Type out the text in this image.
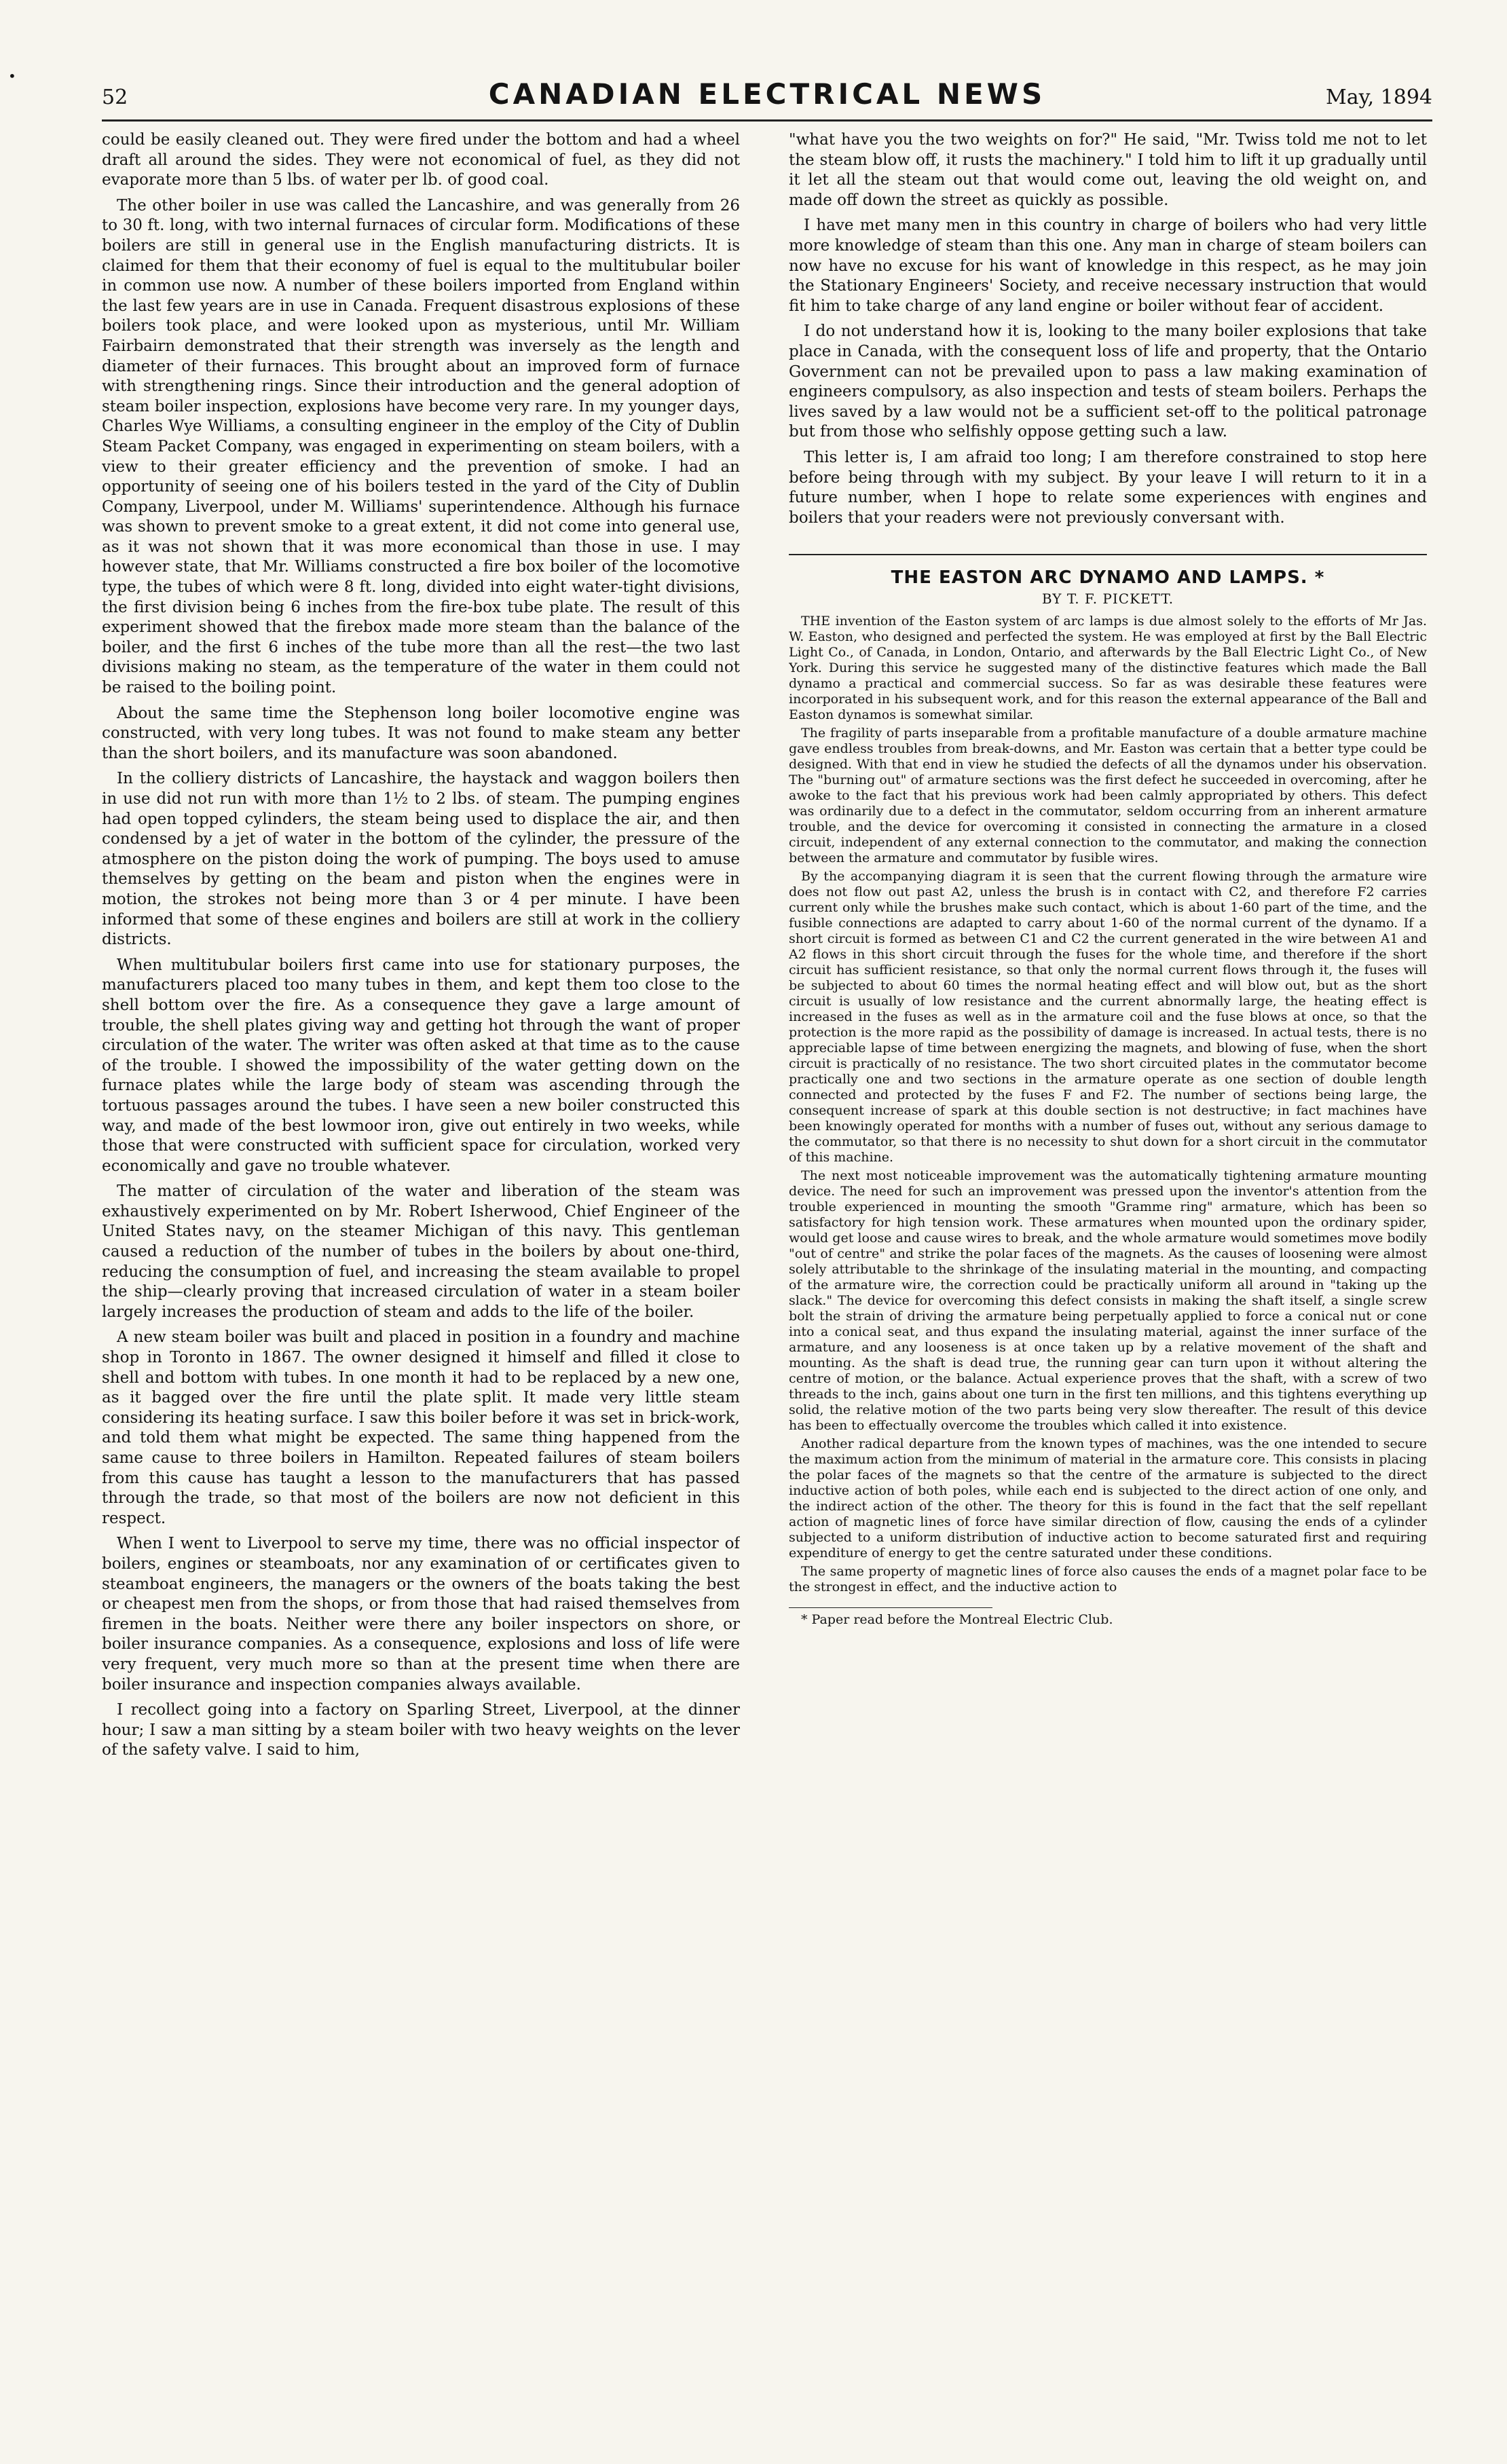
•
52	CANADIAN ELECTRICAL NEWS	May, 1894

could be easily cleaned out. They were fired under the bottom and had a wheel draft all around the sides. They were not economical of fuel, as they did not evaporate more than 5 lbs. of water per lb. of good coal.

The other boiler in use was called the Lancashire, and was generally from 26 to 30 ft. long, with two internal furnaces of circular form. Modifications of these boilers are still in general use in the English manufacturing districts. It is claimed for them that their economy of fuel is equal to the multitubular boiler in common use now. A number of these boilers imported from England within the last few years are in use in Canada. Frequent disastrous explosions of these boilers took place, and were looked upon as mysterious, until Mr. William Fairbairn demonstrated that their strength was inversely as the length and diameter of their furnaces. This brought about an improved form of furnace with strengthening rings. Since their introduction and the general adoption of steam boiler inspection, explosions have become very rare. In my younger days, Charles Wye Williams, a consulting engineer in the employ of the City of Dublin Steam Packet Company, was engaged in experimenting on steam boilers, with a view to their greater efficiency and the prevention of smoke. I had an opportunity of seeing one of his boilers tested in the yard of the City of Dublin Company, Liverpool, under M. Williams' superintendence. Although his furnace was shown to prevent smoke to a great extent, it did not come into general use, as it was not shown that it was more economical than those in use. I may however state, that Mr. Williams constructed a fire box boiler of the locomotive type, the tubes of which were 8 ft. long, divided into eight water-tight divisions, the first division being 6 inches from the fire-box tube plate. The result of this experiment showed that the firebox made more steam than the balance of the boiler, and the first 6 inches of the tube more than all the rest—the two last divisions making no steam, as the temperature of the water in them could not be raised to the boiling point.

About the same time the Stephenson long boiler locomotive engine was constructed, with very long tubes. It was not found to make steam any better than the short boilers, and its manufacture was soon abandoned.

In the colliery districts of Lancashire, the haystack and waggon boilers then in use did not run with more than 1½ to 2 lbs. of steam. The pumping engines had open topped cylinders, the steam being used to displace the air, and then condensed by a jet of water in the bottom of the cylinder, the pressure of the atmosphere on the piston doing the work of pumping. The boys used to amuse themselves by getting on the beam and piston when the engines were in motion, the strokes not being more than 3 or 4 per minute. I have been informed that some of these engines and boilers are still at work in the colliery districts.

When multitubular boilers first came into use for stationary purposes, the manufacturers placed too many tubes in them, and kept them too close to the shell bottom over the fire. As a consequence they gave a large amount of trouble, the shell plates giving way and getting hot through the want of proper circulation of the water. The writer was often asked at that time as to the cause of the trouble. I showed the impossibility of the water getting down on the furnace plates while the large body of steam was ascending through the tortuous passages around the tubes. I have seen a new boiler constructed this way, and made of the best lowmoor iron, give out entirely in two weeks, while those that were constructed with sufficient space for circulation, worked very economically and gave no trouble whatever.

The matter of circulation of the water and liberation of the steam was exhaustively experimented on by Mr. Robert Isherwood, Chief Engineer of the United States navy, on the steamer Michigan of this navy. This gentleman caused a reduction of the number of tubes in the boilers by about one-third, reducing the consumption of fuel, and increasing the steam available to propel the ship—clearly proving that increased circulation of water in a steam boiler largely increases the production of steam and adds to the life of the boiler.

A new steam boiler was built and placed in position in a foundry and machine shop in Toronto in 1867. The owner designed it himself and filled it close to shell and bottom with tubes. In one month it had to be replaced by a new one, as it bagged over the fire until the plate split. It made very little steam considering its heating surface. I saw this boiler before it was set in brick-work, and told them what might be expected. The same thing happened from the same cause to three boilers in Hamilton. Repeated failures of steam boilers from this cause has taught a lesson to the manufacturers that has passed through the trade, so that most of the boilers are now not deficient in this respect.

When I went to Liverpool to serve my time, there was no official inspector of boilers, engines or steamboats, nor any examination of or certificates given to steamboat engineers, the managers or the owners of the boats taking the best or cheapest men from the shops, or from those that had raised themselves from firemen in the boats. Neither were there any boiler inspectors on shore, or boiler insurance companies. As a consequence, explosions and loss of life were very frequent, very much more so than at the present time when there are boiler insurance and inspection companies always available.

I recollect going into a factory on Sparling Street, Liverpool, at the dinner hour; I saw a man sitting by a steam boiler with two heavy weights on the lever of the safety valve. I said to him,

"what have you the two weights on for?" He said, "Mr. Twiss told me not to let the steam blow off, it rusts the machinery." I told him to lift it up gradually until it let all the steam out that would come out, leaving the old weight on, and made off down the street as quickly as possible.

I have met many men in this country in charge of boilers who had very little more knowledge of steam than this one. Any man in charge of steam boilers can now have no excuse for his want of knowledge in this respect, as he may join the Stationary Engineers' Society, and receive necessary instruction that would fit him to take charge of any land engine or boiler without fear of accident.

I do not understand how it is, looking to the many boiler explosions that take place in Canada, with the consequent loss of life and property, that the Ontario Government can not be prevailed upon to pass a law making examination of engineers compulsory, as also inspection and tests of steam boilers. Perhaps the lives saved by a law would not be a sufficient set-off to the political patronage but from those who selfishly oppose getting such a law.

This letter is, I am afraid too long; I am therefore constrained to stop here before being through with my subject. By your leave I will return to it in a future number, when I hope to relate some experiences with engines and boilers that your readers were not previously conversant with.

THE EASTON ARC DYNAMO AND LAMPS. *
BY T. F. PICKETT.

THE invention of the Easton system of arc lamps is due almost solely to the efforts of Mr Jas. W. Easton, who designed and perfected the system. He was employed at first by the Ball Electric Light Co., of Canada, in London, Ontario, and afterwards by the Ball Electric Light Co., of New York. During this service he suggested many of the distinctive features which made the Ball dynamo a practical and commercial success. So far as was desirable these features were incorporated in his subsequent work, and for this reason the external appearance of the Ball and Easton dynamos is somewhat similar.

The fragility of parts inseparable from a profitable manufacture of a double armature machine gave endless troubles from break-downs, and Mr. Easton was certain that a better type could be designed. With that end in view he studied the defects of all the dynamos under his observation. The "burning out" of armature sections was the first defect he succeeded in overcoming, after he awoke to the fact that his previous work had been calmly appropriated by others. This defect was ordinarily due to a defect in the commutator, seldom occurring from an inherent armature trouble, and the device for overcoming it consisted in connecting the armature in a closed circuit, independent of any external connection to the commutator, and making the connection between the armature and commutator by fusible wires.

By the accompanying diagram it is seen that the current flowing through the armature wire does not flow out past A2, unless the brush is in contact with C2, and therefore F2 carries current only while the brushes make such contact, which is about 1-60 part of the time, and the fusible connections are adapted to carry about 1-60 of the normal current of the dynamo. If a short circuit is formed as between C1 and C2 the current generated in the wire between A1 and A2 flows in this short circuit through the fuses for the whole time, and therefore if the short circuit has sufficient resistance, so that only the normal current flows through it, the fuses will be subjected to about 60 times the normal heating effect and will blow out, but as the short circuit is usually of low resistance and the current abnormally large, the heating effect is increased in the fuses as well as in the armature coil and the fuse blows at once, so that the protection is the more rapid as the possibility of damage is increased. In actual tests, there is no appreciable lapse of time between energizing the magnets, and blowing of fuse, when the short circuit is practically of no resistance. The two short circuited plates in the commutator become practically one and two sections in the armature operate as one section of double length connected and protected by the fuses F and F2. The number of sections being large, the consequent increase of spark at this double section is not destructive; in fact machines have been knowingly operated for months with a number of fuses out, without any serious damage to the commutator, so that there is no necessity to shut down for a short circuit in the commutator of this machine.

The next most noticeable improvement was the automatically tightening armature mounting device. The need for such an improvement was pressed upon the inventor's attention from the trouble experienced in mounting the smooth "Gramme ring" armature, which has been so satisfactory for high tension work. These armatures when mounted upon the ordinary spider, would get loose and cause wires to break, and the whole armature would sometimes move bodily "out of centre" and strike the polar faces of the magnets. As the causes of loosening were almost solely attributable to the shrinkage of the insulating material in the mounting, and compacting of the armature wire, the correction could be practically uniform all around in "taking up the slack." The device for overcoming this defect consists in making the shaft itself, a single screw bolt the strain of driving the armature being perpetually applied to force a conical nut or cone into a conical seat, and thus expand the insulating material, against the inner surface of the armature, and any looseness is at once taken up by a relative movement of the shaft and mounting. As the shaft is dead true, the running gear can turn upon it without altering the centre of motion, or the balance. Actual experience proves that the shaft, with a screw of two threads to the inch, gains about one turn in the first ten millions, and this tightens everything up solid, the relative motion of the two parts being very slow thereafter. The result of this device has been to effectually overcome the troubles which called it into existence.

Another radical departure from the known types of machines, was the one intended to secure the maximum action from the minimum of material in the armature core. This consists in placing the polar faces of the magnets so that the centre of the armature is subjected to the direct inductive action of both poles, while each end is subjected to the direct action of one only, and the indirect action of the other. The theory for this is found in the fact that the self repellant action of magnetic lines of force have similar direction of flow, causing the ends of a cylinder subjected to a uniform distribution of inductive action to become saturated first and requiring expenditure of energy to get the centre saturated under these conditions.

The same property of magnetic lines of force also causes the ends of a magnet polar face to be the strongest in effect, and the inductive action to

* Paper read before the Montreal Electric Club.
